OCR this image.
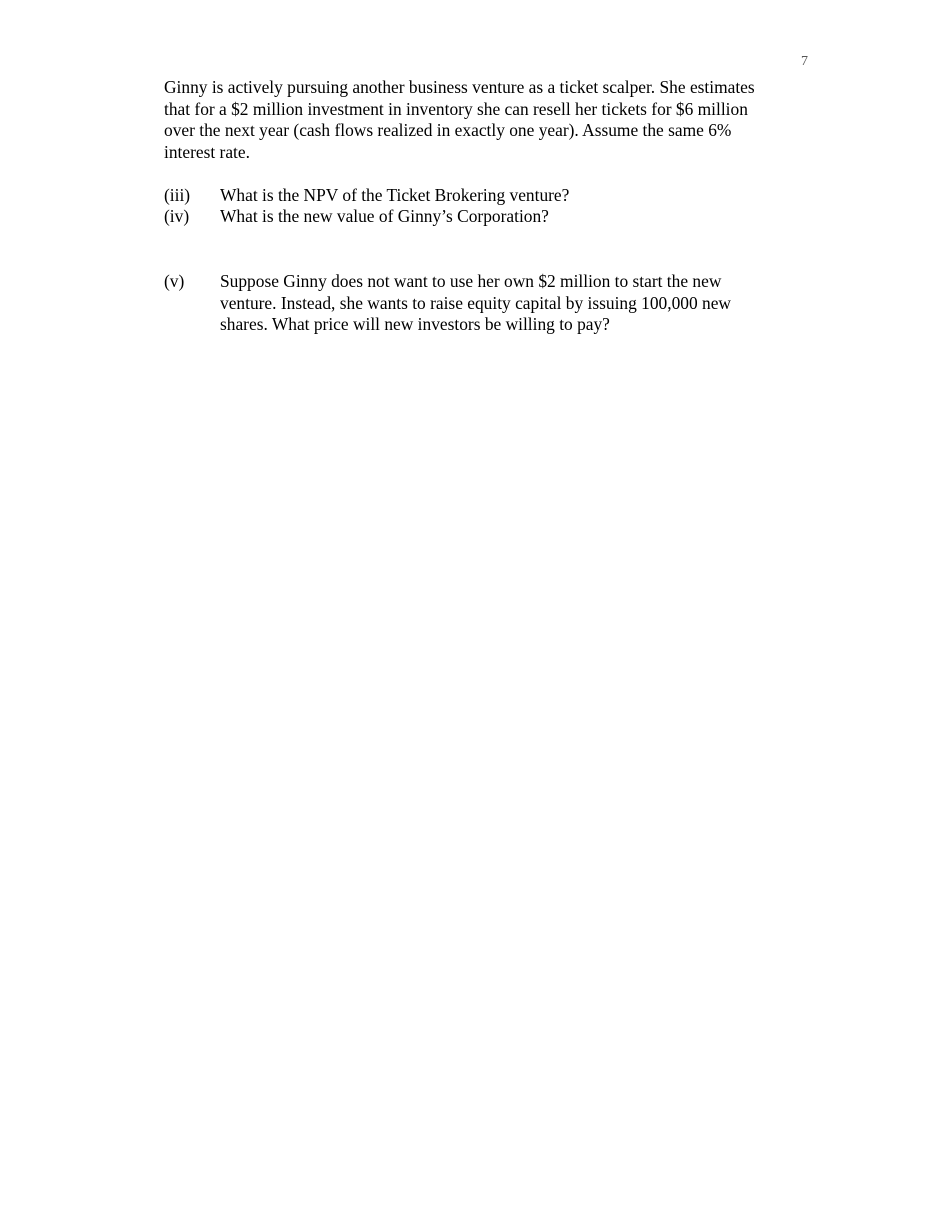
7

Ginny is actively pursuing another business venture as a ticket scalper. She estimates
that for a $2 million investment in inventory she can resell her tickets for $6 million
over the next year (cash flows realized in exactly one year). Assume the same 6%
interest rate.

(iii)	What is the NPV of the Ticket Brokering venture?
(iv)	What is the new value of Ginny’s Corporation?
(v)	Suppose Ginny does not want to use her own $2 million to start the new
venture. Instead, she wants to raise equity capital by issuing 100,000 new
shares. What price will new investors be willing to pay?
